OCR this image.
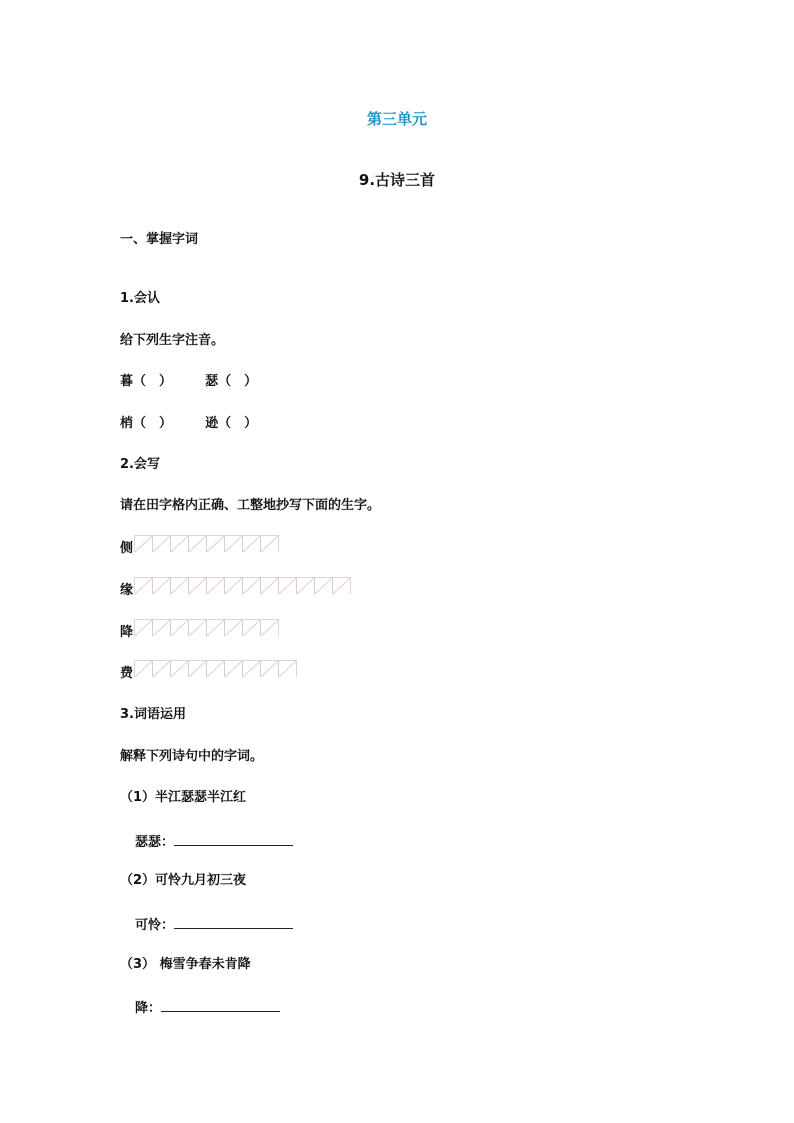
第三单元
9.古诗三首
一、掌握字词
1.会认
给下列生字注音。
暮（　）	瑟（　）
梢（　）	逊（　）
2.会写
请在田字格内正确、工整地抄写下面的生字。
侧
缘
降
费
3.词语运用
解释下列诗句中的字词。
（1）半江瑟瑟半江红
瑟瑟：
（2）可怜九月初三夜
可怜：
（3） 梅雪争春未肯降
降：
